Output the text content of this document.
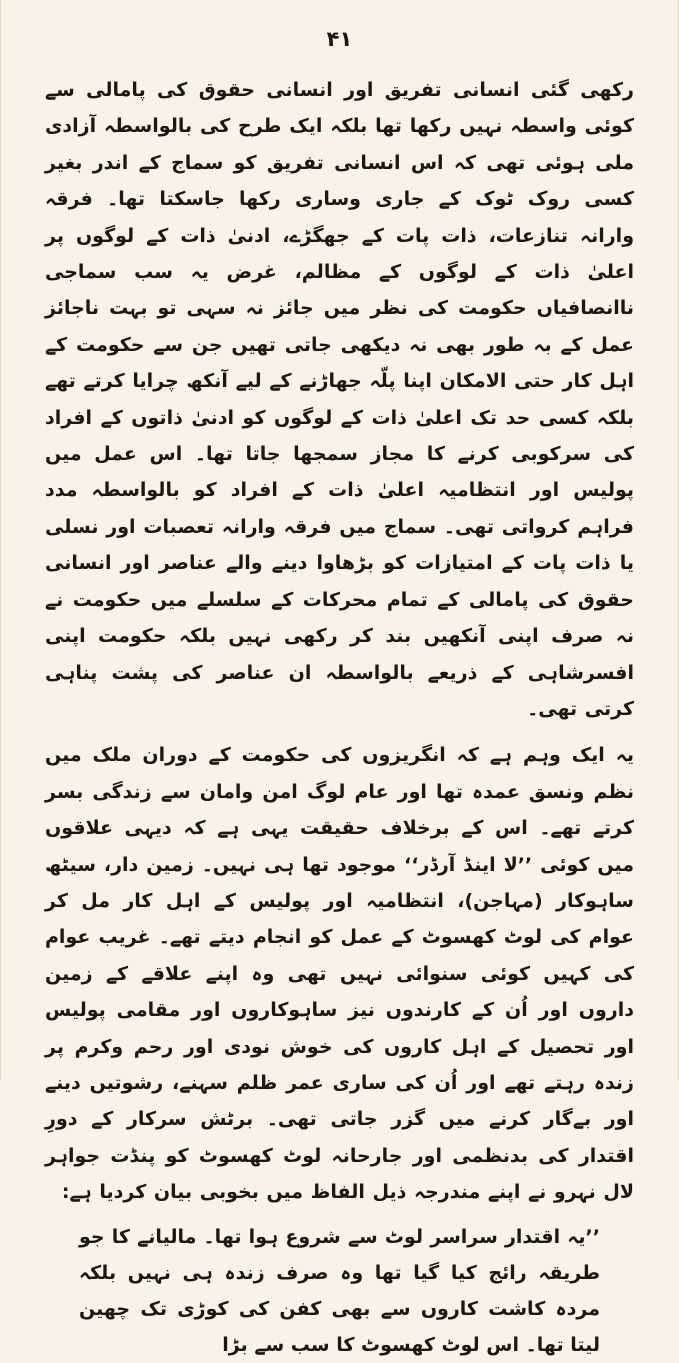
۴۱

رکھی گئی انسانی تفریق اور انسانی حقوق کی پامالی سے کوئی واسطہ نہیں رکھا تھا بلکہ ایک طرح کی بالواسطہ آزادی ملی ہوئی تھی کہ اس انسانی تفریق کو سماج کے اندر بغیر کسی روک ٹوک کے جاری وساری رکھا جاسکتا تھا۔ فرقہ وارانہ تنازعات، ذات پات کے جھگڑے، ادنیٰ ذات کے لوگوں پر اعلیٰ ذات کے لوگوں کے مظالم، غرض یہ سب سماجی ناانصافیاں حکومت کی نظر میں جائز نہ سہی تو بہت ناجائز عمل کے بہ طور بھی نہ دیکھی جاتی تھیں جن سے حکومت کے اہل کار حتی الامکان اپنا پلّہ جھاڑنے کے لیے آنکھ چرایا کرتے تھے بلکہ کسی حد تک اعلیٰ ذات کے لوگوں کو ادنیٰ ذاتوں کے افراد کی سرکوبی کرنے کا مجاز سمجھا جاتا تھا۔ اس عمل میں پولیس اور انتظامیہ اعلیٰ ذات کے افراد کو بالواسطہ مدد فراہم کرواتی تھی۔ سماج میں فرقہ وارانہ تعصبات اور نسلی یا ذات پات کے امتیازات کو بڑھاوا دینے والے عناصر اور انسانی حقوق کی پامالی کے تمام محرکات کے سلسلے میں حکومت نے نہ صرف اپنی آنکھیں بند کر رکھی نہیں بلکہ حکومت اپنی افسرشاہی کے ذریعے بالواسطہ ان عناصر کی پشت پناہی کرتی تھی۔

یہ ایک وہم ہے کہ انگریزوں کی حکومت کے دوران ملک میں نظم ونسق عمدہ تھا اور عام لوگ امن وامان سے زندگی بسر کرتے تھے۔ اس کے برخلاف حقیقت یہی ہے کہ دیہی علاقوں میں کوئی ’’لا اینڈ آرڈر‘‘ موجود تھا ہی نہیں۔ زمین دار، سیٹھ ساہوکار (مہاجن)، انتظامیہ اور پولیس کے اہل کار مل کر عوام کی لوٹ کھسوٹ کے عمل کو انجام دیتے تھے۔ غریب عوام کی کہیں کوئی سنوائی نہیں تھی وہ اپنے علاقے کے زمین داروں اور اُن کے کارندوں نیز ساہوکاروں اور مقامی پولیس اور تحصیل کے اہل کاروں کی خوش نودی اور رحم وکرم پر زندہ رہتے تھے اور اُن کی ساری عمر ظلم سہنے، رشوتیں دینے اور بےگار کرنے میں گزر جاتی تھی۔ برٹش سرکار کے دورِ اقتدار کی بدنظمی اور جارحانہ لوٹ کھسوٹ کو پنڈت جواہر لال نہرو نے اپنے مندرجہ ذیل الفاظ میں بخوبی بیان کردیا ہے:

’’یہ اقتدار سراسر لوٹ سے شروع ہوا تھا۔ مالیانے کا جو طریقہ رائج کیا گیا تھا وہ صرف زندہ ہی نہیں بلکہ مردہ کاشت کاروں سے بھی کفن کی کوڑی تک چھین لیتا تھا۔ اس لوٹ کھسوٹ کا سب سے بڑا
